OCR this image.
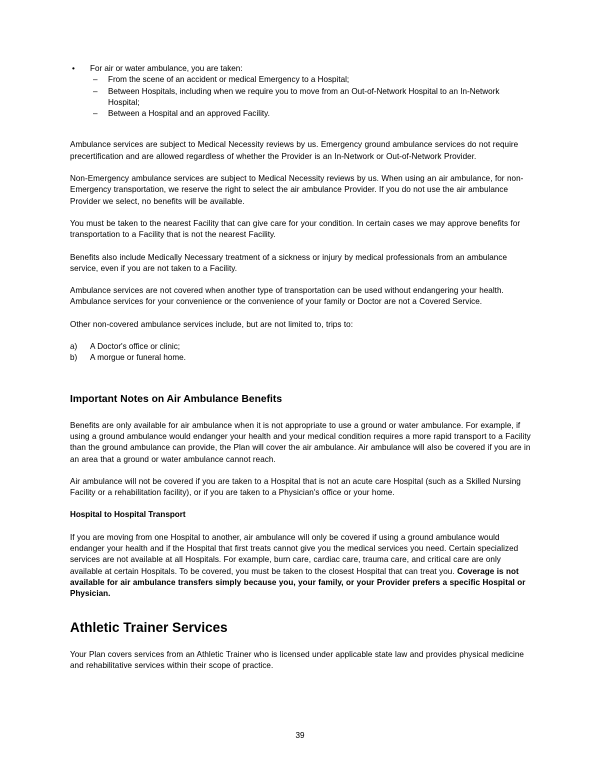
• For air or water ambulance, you are taken:
– From the scene of an accident or medical Emergency to a Hospital;
– Between Hospitals, including when we require you to move from an Out-of-Network Hospital to an In-Network Hospital;
– Between a Hospital and an approved Facility.

Ambulance services are subject to Medical Necessity reviews by us. Emergency ground ambulance services do not require precertification and are allowed regardless of whether the Provider is an In-Network or Out-of-Network Provider.

Non-Emergency ambulance services are subject to Medical Necessity reviews by us. When using an air ambulance, for non-Emergency transportation, we reserve the right to select the air ambulance Provider. If you do not use the air ambulance Provider we select, no benefits will be available.

You must be taken to the nearest Facility that can give care for your condition. In certain cases we may approve benefits for transportation to a Facility that is not the nearest Facility.

Benefits also include Medically Necessary treatment of a sickness or injury by medical professionals from an ambulance service, even if you are not taken to a Facility.

Ambulance services are not covered when another type of transportation can be used without endangering your health. Ambulance services for your convenience or the convenience of your family or Doctor are not a Covered Service.

Other non-covered ambulance services include, but are not limited to, trips to:

a) A Doctor's office or clinic;
b) A morgue or funeral home.
Important Notes on Air Ambulance Benefits

Benefits are only available for air ambulance when it is not appropriate to use a ground or water ambulance. For example, if using a ground ambulance would endanger your health and your medical condition requires a more rapid transport to a Facility than the ground ambulance can provide, the Plan will cover the air ambulance. Air ambulance will also be covered if you are in an area that a ground or water ambulance cannot reach.

Air ambulance will not be covered if you are taken to a Hospital that is not an acute care Hospital (such as a Skilled Nursing Facility or a rehabilitation facility), or if you are taken to a Physician's office or your home.

Hospital to Hospital Transport

If you are moving from one Hospital to another, air ambulance will only be covered if using a ground ambulance would endanger your health and if the Hospital that first treats cannot give you the medical services you need. Certain specialized services are not available at all Hospitals. For example, burn care, cardiac care, trauma care, and critical care are only available at certain Hospitals. To be covered, you must be taken to the closest Hospital that can treat you. Coverage is not available for air ambulance transfers simply because you, your family, or your Provider prefers a specific Hospital or Physician.

Athletic Trainer Services

Your Plan covers services from an Athletic Trainer who is licensed under applicable state law and provides physical medicine and rehabilitative services within their scope of practice.

39
